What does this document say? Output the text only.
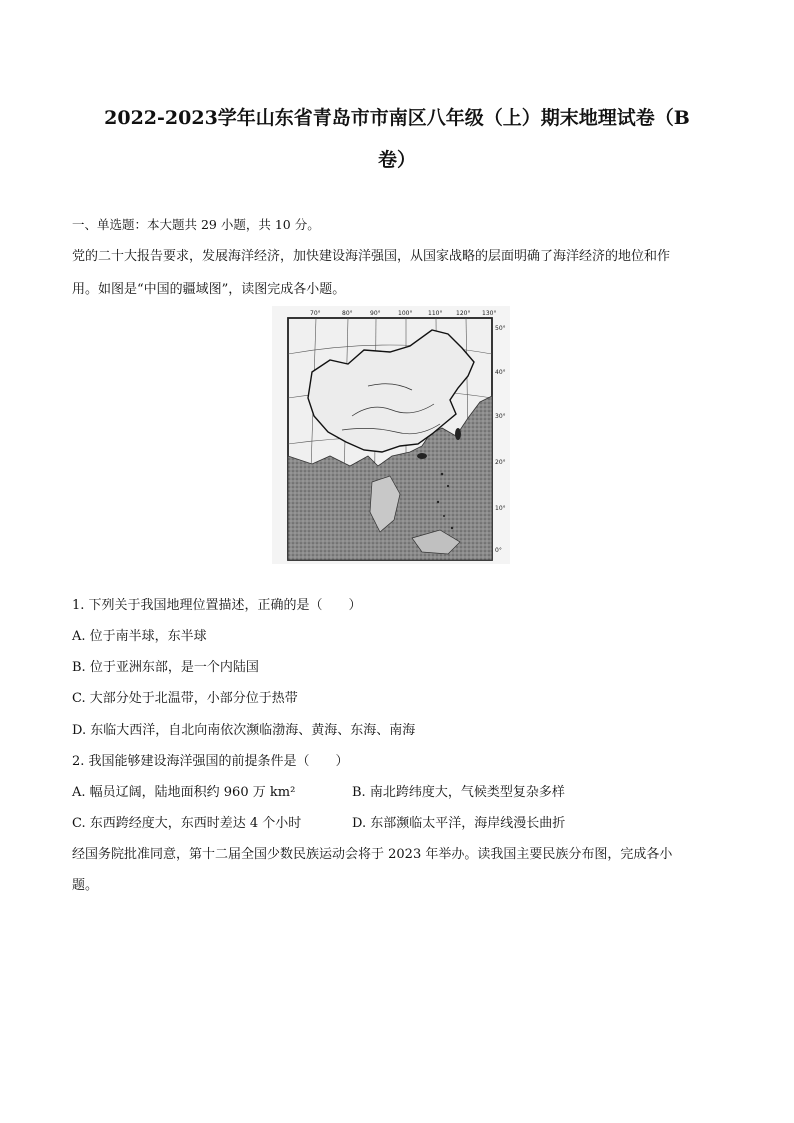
2022-2023学年山东省青岛市市南区八年级（上）期末地理试卷（B
卷）
一、单选题：本大题共 29 小题，共 10 分。
党的二十大报告要求，发展海洋经济，加快建设海洋强国，从国家战略的层面明确了海洋经济的地位和作
用。如图是“中国的疆域图”，读图完成各小题。
70°	80°	90°	100°	110° 120° 130°
50°
40°
30°
20°
10°
0°
1. 下列关于我国地理位置描述，正确的是（　　）
A. 位于南半球，东半球
B. 位于亚洲东部，是一个内陆国
C. 大部分处于北温带，小部分位于热带
D. 东临大西洋，自北向南依次濒临渤海、黄海、东海、南海
2. 我国能够建设海洋强国的前提条件是（　　）
A. 幅员辽阔，陆地面积约 960 万 km²	B. 南北跨纬度大，气候类型复杂多样
C. 东西跨经度大，东西时差达 4 个小时	D. 东部濒临太平洋，海岸线漫长曲折
经国务院批准同意，第十二届全国少数民族运动会将于 2023 年举办。读我国主要民族分布图，完成各小
题。
